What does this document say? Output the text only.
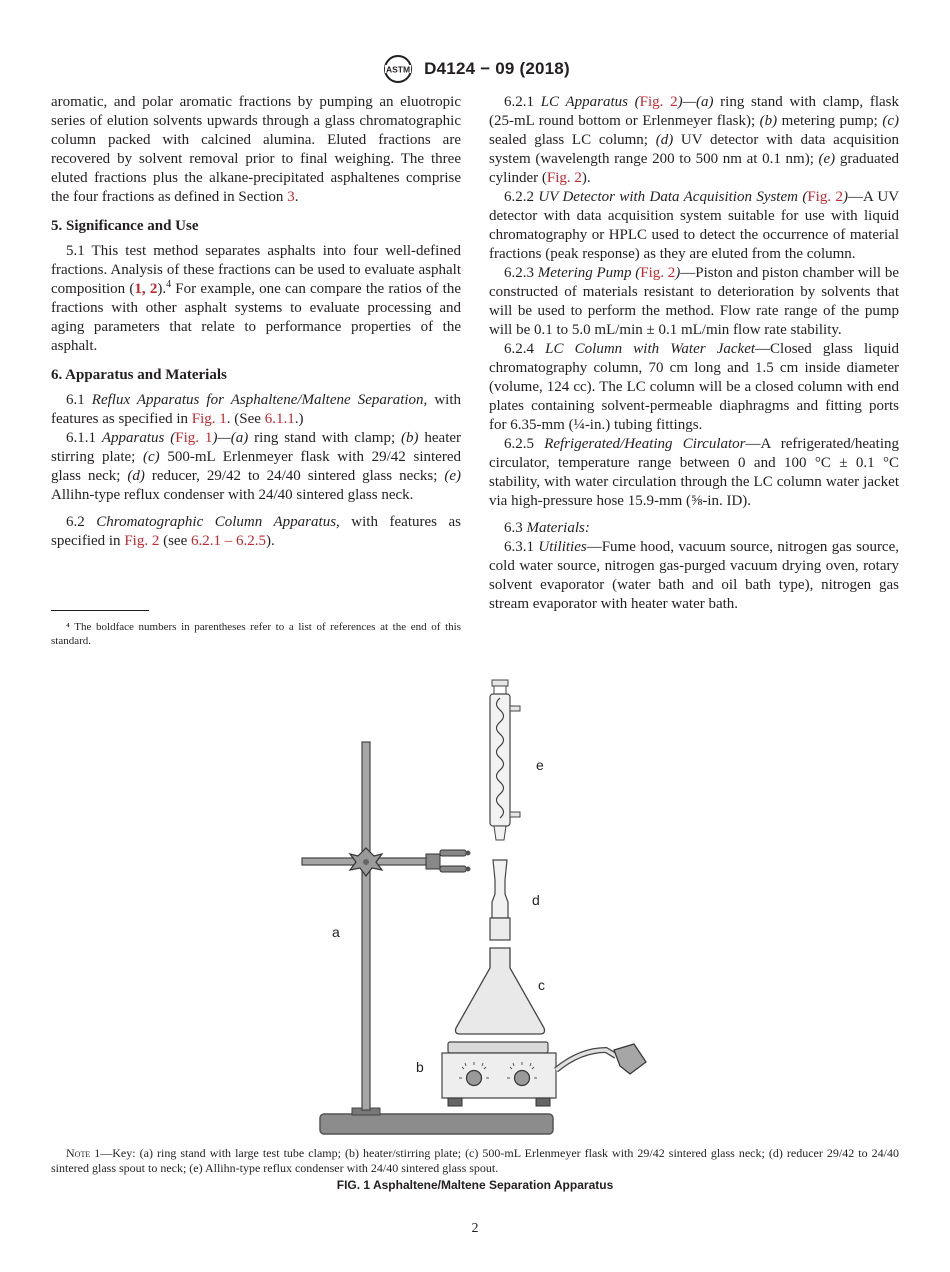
ASTM D4124 − 09 (2018)

aromatic, and polar aromatic fractions by pumping an eluotropic series of elution solvents upwards through a glass chromatographic column packed with calcined alumina. Eluted fractions are recovered by solvent removal prior to final weighing. The three eluted fractions plus the alkane-precipitated asphaltenes comprise the four fractions as defined in Section 3.

5. Significance and Use

5.1 This test method separates asphalts into four well-defined fractions. Analysis of these fractions can be used to evaluate asphalt composition (1, 2).$^4$ For example, one can compare the ratios of the fractions with other asphalt systems to evaluate processing and aging parameters that relate to performance properties of the asphalt.

6. Apparatus and Materials

6.1 Reflux Apparatus for Asphaltene/Maltene Separation, with features as specified in Fig. 1. (See 6.1.1.)

6.1.1 Apparatus (Fig. 1)—(a) ring stand with clamp; (b) heater stirring plate; (c) 500-mL Erlenmeyer flask with 29/42 sintered glass neck; (d) reducer, 29/42 to 24/40 sintered glass necks; (e) Allihn-type reflux condenser with 24/40 sintered glass neck.

6.2 Chromatographic Column Apparatus, with features as specified in Fig. 2 (see 6.2.1 – 6.2.5).

⁴ The boldface numbers in parentheses refer to a list of references at the end of this standard.

6.2.1 LC Apparatus (Fig. 2)—(a) ring stand with clamp, flask (25-mL round bottom or Erlenmeyer flask); (b) metering pump; (c) sealed glass LC column; (d) UV detector with data acquisition system (wavelength range 200 to 500 nm at 0.1 nm); (e) graduated cylinder (Fig. 2).

6.2.2 UV Detector with Data Acquisition System (Fig. 2)—A UV detector with data acquisition system suitable for use with liquid chromatography or HPLC used to detect the occurrence of material fractions (peak response) as they are eluted from the column.

6.2.3 Metering Pump (Fig. 2)—Piston and piston chamber will be constructed of materials resistant to deterioration by solvents that will be used to perform the method. Flow rate range of the pump will be 0.1 to 5.0 mL/min ± 0.1 mL/min flow rate stability.

6.2.4 LC Column with Water Jacket—Closed glass liquid chromatography column, 70 cm long and 1.5 cm inside diameter (volume, 124 cc). The LC column will be a closed column with end plates containing solvent-permeable diaphragms and fitting ports for 6.35-mm (¼-in.) tubing fittings.

6.2.5 Refrigerated/Heating Circulator—A refrigerated/heating circulator, temperature range between 0 and 100 °C ± 0.1 °C stability, with water circulation through the LC column water jacket via high-pressure hose 15.9-mm (⅝-in. ID).

6.3 Materials:

6.3.1 Utilities—Fume hood, vacuum source, nitrogen gas source, cold water source, nitrogen gas-purged vacuum drying oven, rotary solvent evaporator (water bath and oil bath type), nitrogen gas stream evaporator with heater water bath.

e
d
a
c
b
Note 1—Key: (a) ring stand with large test tube clamp; (b) heater/stirring plate; (c) 500-mL Erlenmeyer flask with 29/42 sintered glass neck; (d) reducer 29/42 to 24/40 sintered glass spout to neck; (e) Allihn-type reflux condenser with 24/40 sintered glass spout.
FIG. 1 Asphaltene/Maltene Separation Apparatus
2
